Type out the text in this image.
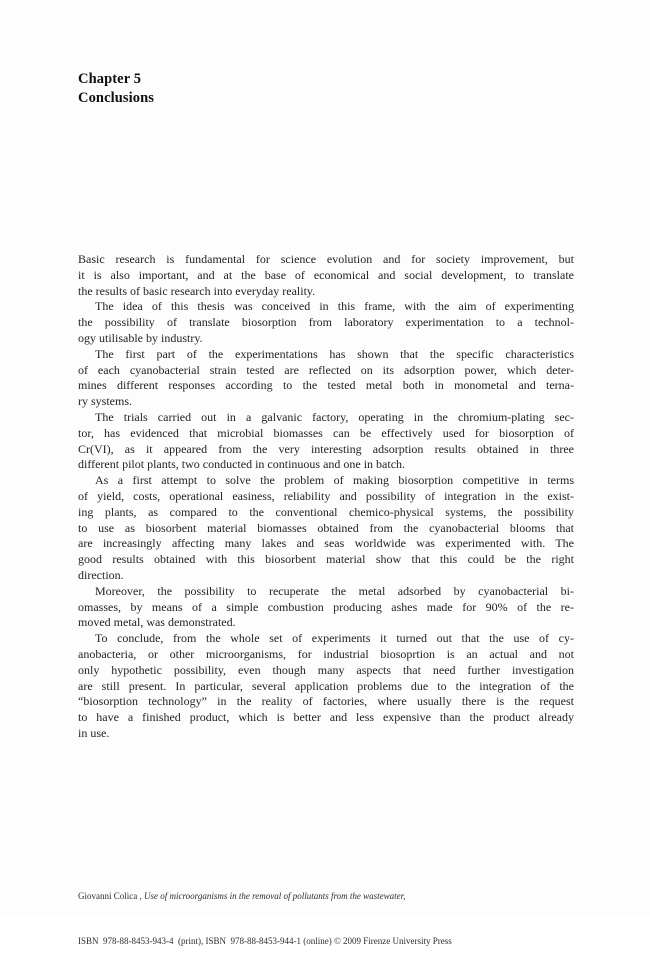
Chapter 5
Conclusions
Basic research is fundamental for science evolution and for society improvement, but
it is also important, and at the base of economical and social development, to translate
the results of basic research into everyday reality.
The idea of this thesis was conceived in this frame, with the aim of experimenting
the possibility of translate biosorption from laboratory experimentation to a technol-
ogy utilisable by industry.
The first part of the experimentations has shown that the specific characteristics
of each cyanobacterial strain tested are reflected on its adsorption power, which deter-
mines different responses according to the tested metal both in monometal and terna-
ry systems.
The trials carried out in a galvanic factory, operating in the chromium-plating sec-
tor, has evidenced that microbial biomasses can be effectively used for biosorption of
Cr(VI), as it appeared from the very interesting adsorption results obtained in three
different pilot plants, two conducted in continuous and one in batch.
As a first attempt to solve the problem of making biosorption competitive in terms
of yield, costs, operational easiness, reliability and possibility of integration in the exist-
ing plants, as compared to the conventional chemico-physical systems, the possibility
to use as biosorbent material biomasses obtained from the cyanobacterial blooms that
are increasingly affecting many lakes and seas worldwide was experimented with. The
good results obtained with this biosorbent material show that this could be the right
direction.
Moreover, the possibility to recuperate the metal adsorbed by cyanobacterial bi-
omasses, by means of a simple combustion producing ashes made for 90% of the re-
moved metal, was demonstrated.
To conclude, from the whole set of experiments it turned out that the use of cy-
anobacteria, or other microorganisms, for industrial biosoprtion is an actual and not
only hypothetic possibility, even though many aspects that need further investigation
are still present. In particular, several application problems due to the integration of the
“biosorption technology” in the reality of factories, where usually there is the request
to have a finished product, which is better and less expensive than the product already
in use.

Giovanni Colica , Use of microorganisms in the removal of pollutants from the wastewater,

ISBN  978-88-8453-943-4  (print), ISBN  978-88-8453-944-1 (online) © 2009 Firenze University Press
